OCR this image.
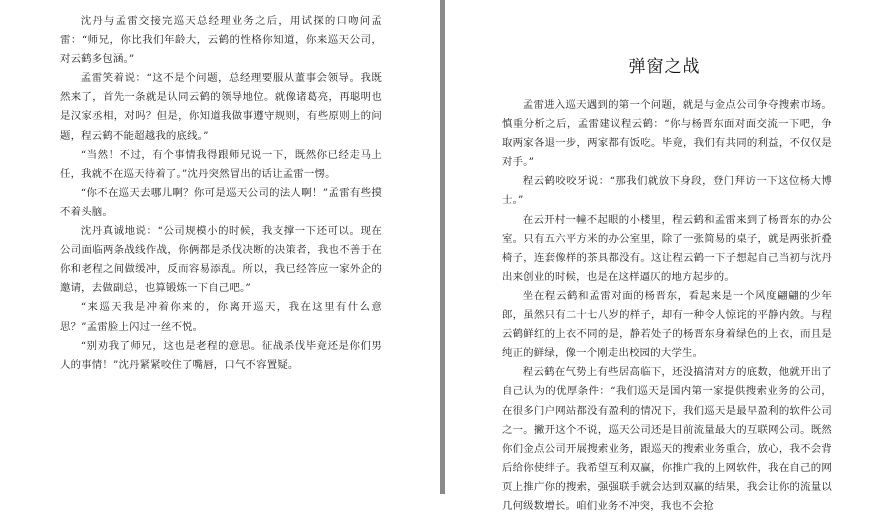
沈丹与孟雷交接完巡天总经理业务之后，用试探的口吻问孟雷：“师兄，你比我们年龄大，云鹤的性格你知道，你来巡天公司，对云鹤多包涵。”

孟雷笑着说：“这不是个问题，总经理要服从董事会领导。我既然来了，首先一条就是认同云鹤的领导地位。就像诸葛亮，再聪明也是汉家丞相，对吗？但是，你知道我做事遵守规则，有些原则上的问题，程云鹤不能超越我的底线。”

“当然！不过，有个事情我得跟师兄说一下，既然你已经走马上任，我就不在巡天待着了。”沈丹突然冒出的话让孟雷一愣。

“你不在巡天去哪儿啊？你可是巡天公司的法人啊！”孟雷有些摸不着头脑。

沈丹真诚地说：“公司规模小的时候，我支撑一下还可以。现在公司面临两条战线作战，你俩都是杀伐决断的决策者，我也不善于在你和老程之间做缓冲，反而容易添乱。所以，我已经答应一家外企的邀请，去做副总，也算锻炼一下自己吧。”

“来巡天我是冲着你来的，你离开巡天，我在这里有什么意思？”孟雷脸上闪过一丝不悦。

“别劝我了师兄，这也是老程的意思。征战杀伐毕竟还是你们男人的事情！”沈丹紧紧咬住了嘴唇，口气不容置疑。

弹窗之战

孟雷进入巡天遇到的第一个问题，就是与金点公司争夺搜索市场。慎重分析之后，孟雷建议程云鹤：“你与杨晋东面对面交流一下吧，争取两家各退一步，两家都有饭吃。毕竟，我们有共同的利益，不仅仅是对手。”

程云鹤咬咬牙说：“那我们就放下身段，登门拜访一下这位杨大博士。”

在云开村一幢不起眼的小楼里，程云鹤和孟雷来到了杨晋东的办公室。只有五六平方米的办公室里，除了一张简易的桌子，就是两张折叠椅子，连套像样的茶具都没有。这让程云鹤一下子想起自己当初与沈丹出来创业的时候，也是在这样逼仄的地方起步的。

坐在程云鹤和孟雷对面的杨晋东，看起来是一个风度翩翩的少年郎，虽然只有二十七八岁的样子，却有一种令人惊诧的平静内敛。与程云鹤鲜红的上衣不同的是，静若处子的杨晋东身着绿色的上衣，而且是纯正的鲜绿，像一个刚走出校园的大学生。

程云鹤在气势上有些居高临下，还没搞清对方的底数，他就开出了自己认为的优厚条件：“我们巡天是国内第一家提供搜索业务的公司，在很多门户网站都没有盈利的情况下，我们巡天是最早盈利的软件公司之一。撇开这个不说，巡天公司还是目前流量最大的互联网公司。既然你们金点公司开展搜索业务，跟巡天的搜索业务重合，放心，我不会背后给你使绊子。我希望互利双赢，你推广我的上网软件，我在自己的网页上推广你的搜索，强强联手就会达到双赢的结果，我会让你的流量以几何级数增长。咱们业务不冲突，我也不会抢
